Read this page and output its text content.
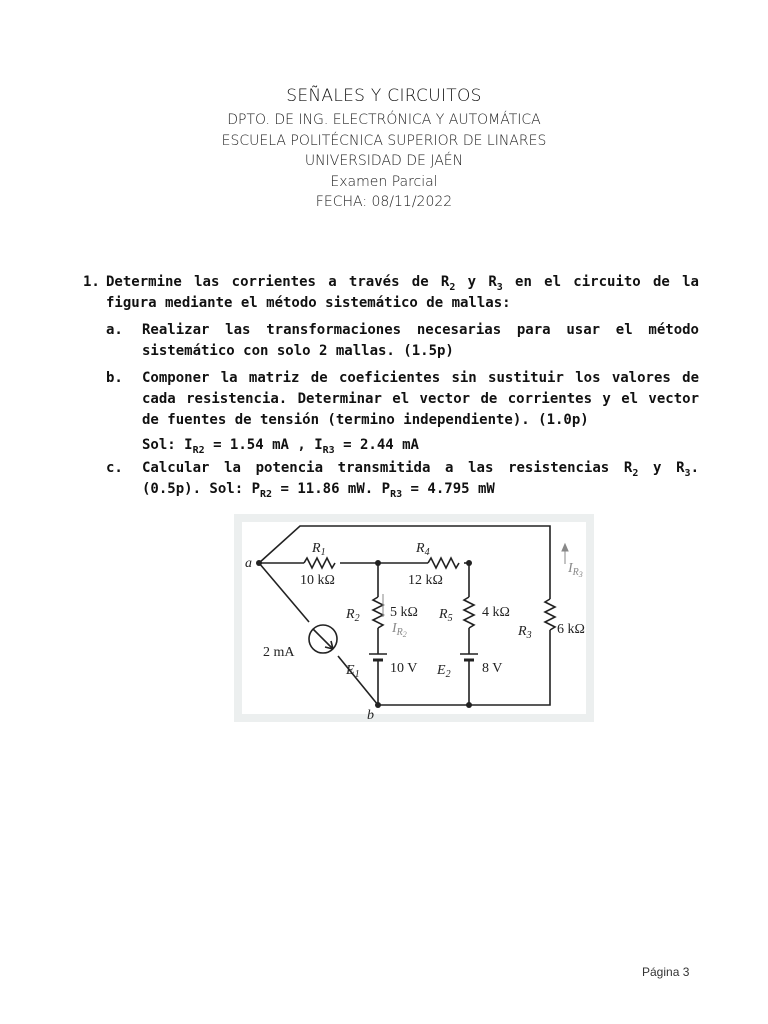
SEÑALES Y CIRCUITOS
DPTO. DE ING. ELECTRÓNICA Y AUTOMÁTICA
ESCUELA POLITÉCNICA SUPERIOR DE LINARES
UNIVERSIDAD DE JAÉN
Examen Parcial
FECHA: 08/11/2022
1. Determine las corrientes a través de $R_2$ y $R_3$ en el circuito de la figura mediante el método sistemático de mallas:
a.	Realizar las transformaciones necesarias para usar el método sistemático con solo 2 mallas. (1.5p)
b.	Componer la matriz de coeficientes sin sustituir los valores de cada resistencia. Determinar el vector de corrientes y el vector de fuentes de tensión (termino independiente). (1.0p)
Sol: $I_{R2} = 1.54$ mA , $I_{R3} = 2.44$ mA
c.	Calcular la potencia transmitida a las resistencias $R_2$ y $R_3$. (0.5p). Sol: $P_{R2} = 11.86$ mW. $P_{R3} = 4.795$ mW
a
b
$R_1$
10 kΩ
$R_4$
12 kΩ
$R_2$ 5 kΩ $R_5$ 4 kΩ
$R_3$ 6 kΩ
2 mA
$E_1$ 10 V $E_2$ 8 V
$I_R2$
$I_R3$
Página 3
